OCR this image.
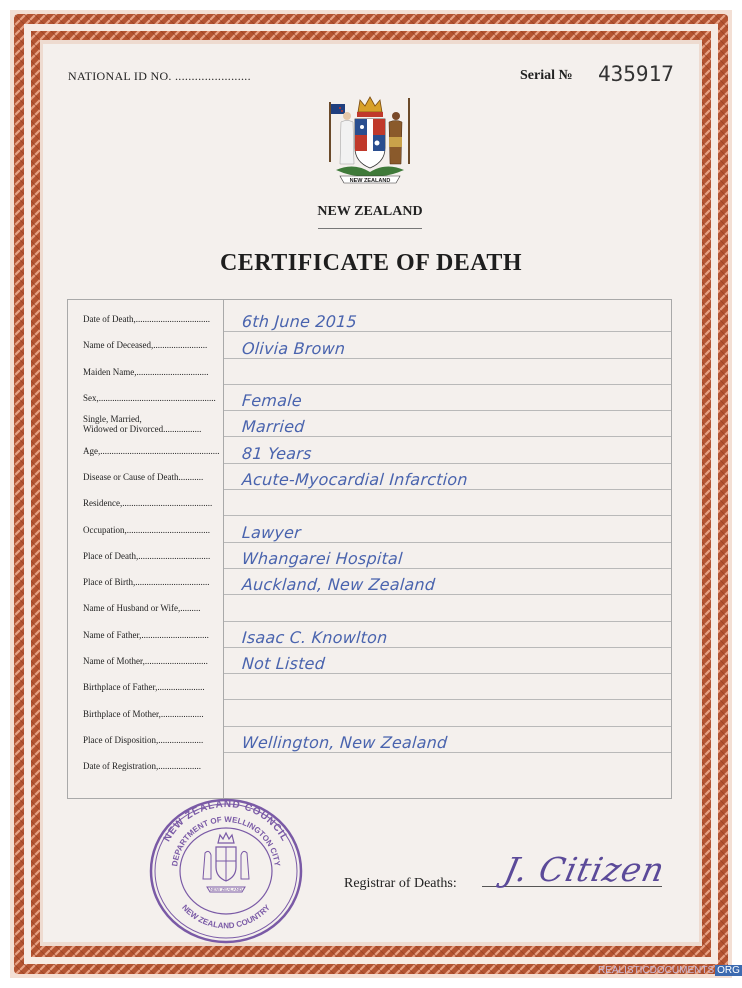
NATIONAL ID NO. .......................	Serial № 435917
NEW ZEALAND
NEW ZEALAND
CERTIFICATE OF DEATH
Date of Death,.................................	6th June 2015
Name of Deceased,........................	Olivia Brown
Maiden Name,................................
Sex,.................................................... Female
Single, Married,
Widowed or Divorced.................	Married
Age,..................................................... 81 Years
Disease or Cause of Death...........	Acute-Myocardial Infarction
Residence,........................................
Occupation,.....................................	Lawyer
Place of Death,................................ Whangarei Hospital
Place of Birth,.................................	Auckland, New Zealand
Name of Husband or Wife,.........
Name of Father,..............................	Isaac C. Knowlton
Name of Mother,............................	Not Listed
Birthplace of Father,.....................
Birthplace of Mother,...................
Place of Disposition,....................	Wellington, New Zealand
Date of Registration,...................
NEW ZEALAND COUNCIL
DEPARTMENT OF WELLINGTON CITY
NEW ZEALAND COUNTRY
NEW ZEALAND	Registrar of Deaths: J. Citizen
REALISTICDOCUMENTS ORG
